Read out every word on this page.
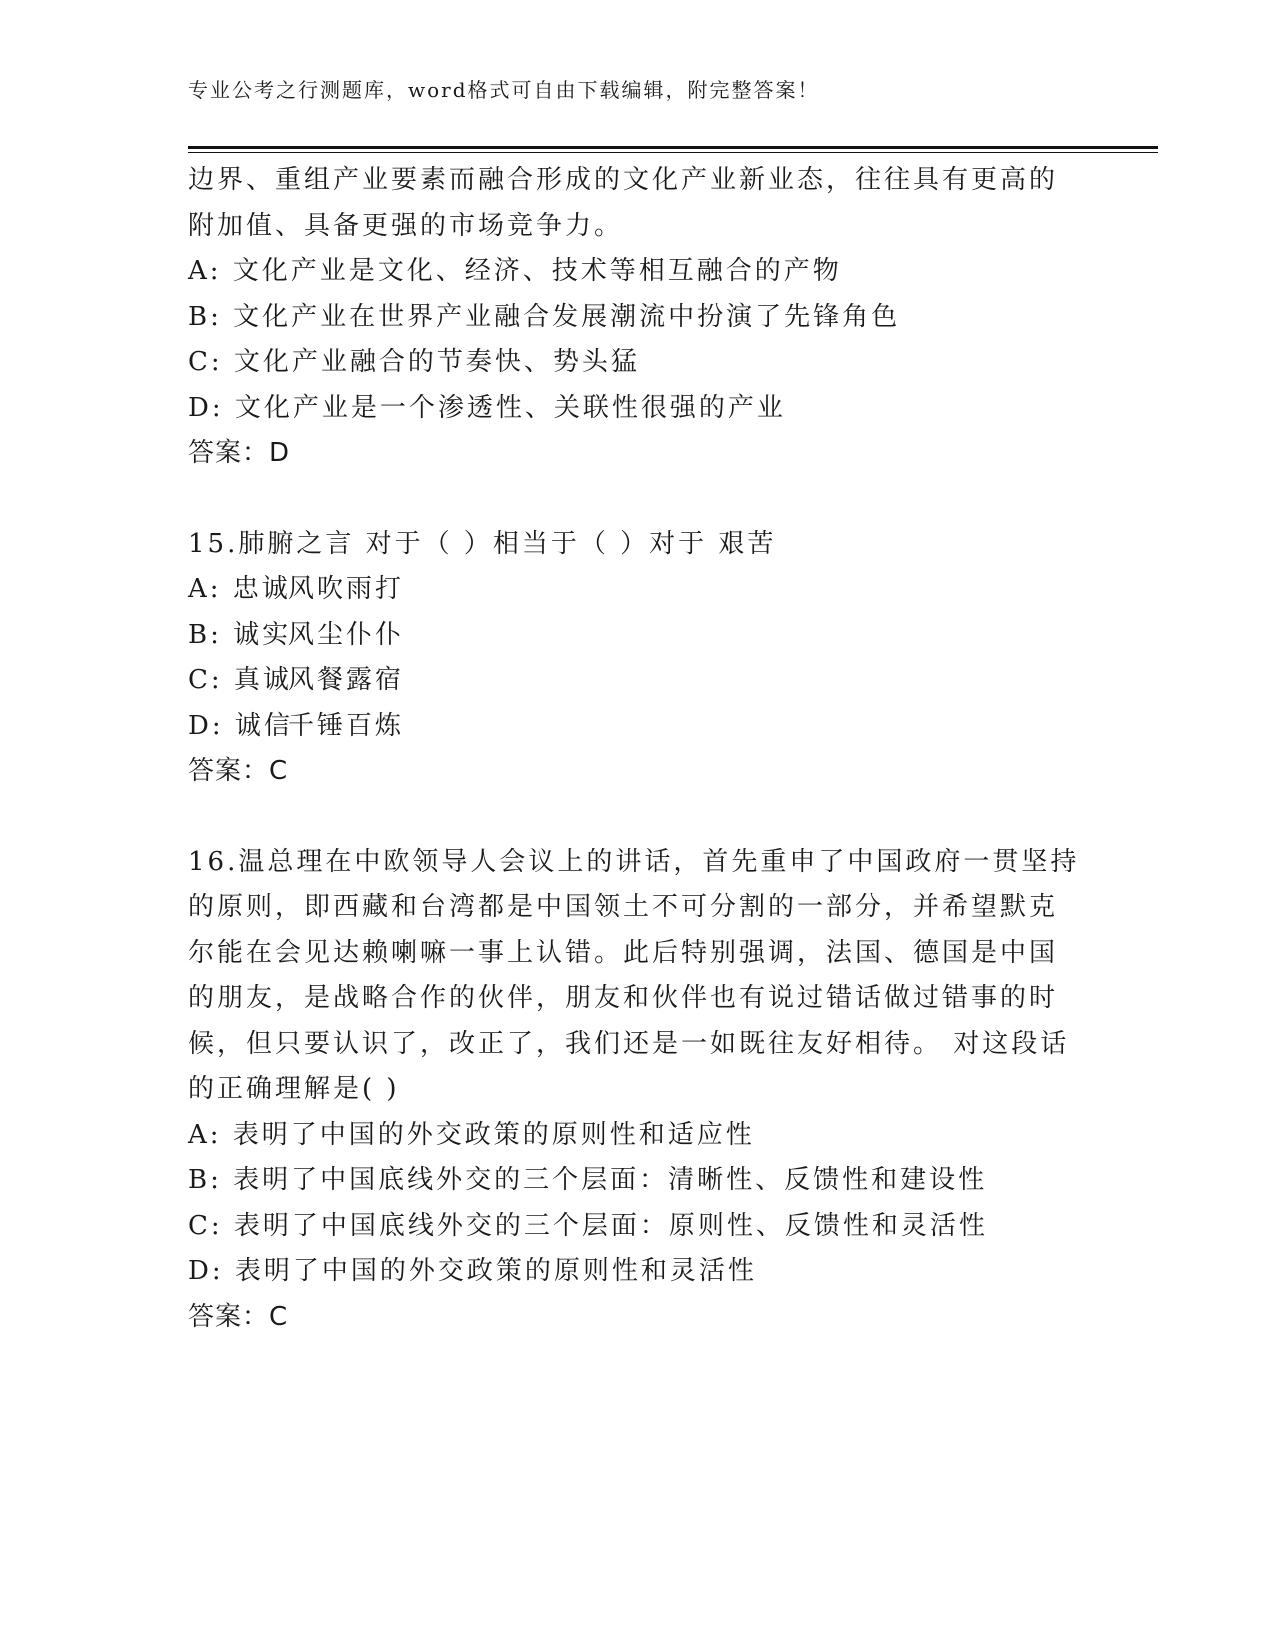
专业公考之行测题库，word格式可自由下载编辑，附完整答案！
边界、重组产业要素而融合形成的文化产业新业态，往往具有更高的
附加值、具备更强的市场竞争力。
A: 文化产业是文化、经济、技术等相互融合的产物
B: 文化产业在世界产业融合发展潮流中扮演了先锋角色
C: 文化产业融合的节奏快、势头猛
D: 文化产业是一个渗透性、关联性很强的产业
答案：D
15.肺腑之言 对于（ ）相当于（ ）对于 艰苦
A: 忠诚风吹雨打
B: 诚实风尘仆仆
C: 真诚风餐露宿
D: 诚信千锤百炼
答案：C
16.温总理在中欧领导人会议上的讲话，首先重申了中国政府一贯坚持
的原则，即西藏和台湾都是中国领土不可分割的一部分，并希望默克
尔能在会见达赖喇嘛一事上认错。此后特别强调，法国、德国是中国
的朋友，是战略合作的伙伴，朋友和伙伴也有说过错话做过错事的时
候，但只要认识了，改正了，我们还是一如既往友好相待。 对这段话
的正确理解是( )
A: 表明了中国的外交政策的原则性和适应性
B: 表明了中国底线外交的三个层面：清晰性、反馈性和建设性
C: 表明了中国底线外交的三个层面：原则性、反馈性和灵活性
D: 表明了中国的外交政策的原则性和灵活性
答案：C
